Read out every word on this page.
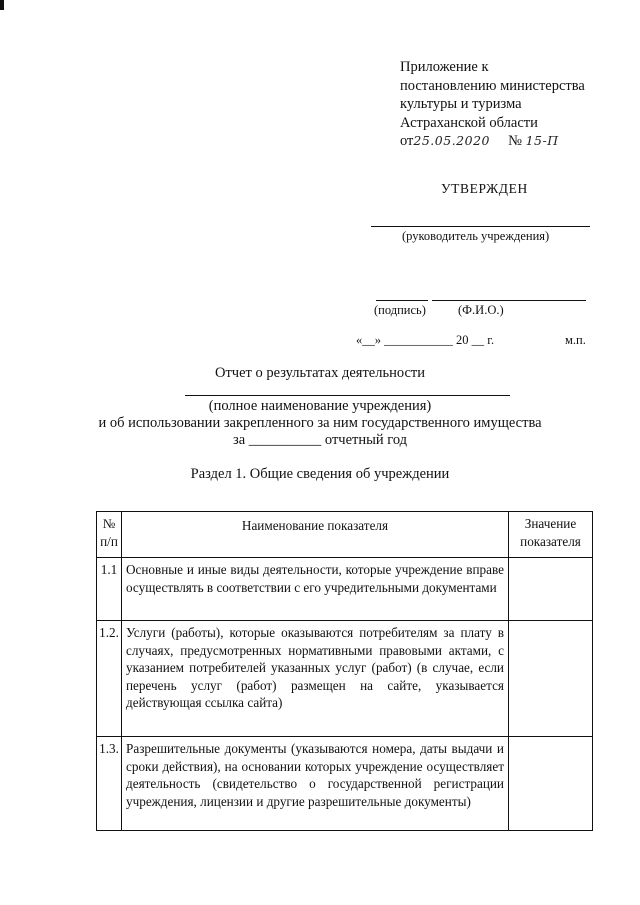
Приложение к
постановлению министерства
культуры и туризма
Астраханской области
от25.05.2020 № 15-П
УТВЕРЖДЕН
(руководитель учреждения)
(подпись)	(Ф.И.О.)
«__» ___________ 20 __ г.	м.п.
Отчет о результатах деятельности
(полное наименование учреждения)
и об использовании закрепленного за ним государственного имущества
за __________ отчетный год
Раздел 1. Общие сведения об учреждении
№ п/п	Наименование показателя	Значение показателя
1.1	Основные и иные виды деятельности, которые учреждение вправе осуществлять в соответствии с его учредительными документами	
1.2.	Услуги (работы), которые оказываются потребителям за плату в случаях, предусмотренных нормативными правовыми актами, с указанием потребителей указанных услуг (работ) (в случае, если перечень услуг (работ) размещен на сайте, указывается действующая ссылка сайта)	
1.3.	Разрешительные документы (указываются номера, даты выдачи и сроки действия), на основании которых учреждение осуществляет деятельность (свидетельство о государственной регистрации учреждения, лицензии и другие разрешительные документы)	
